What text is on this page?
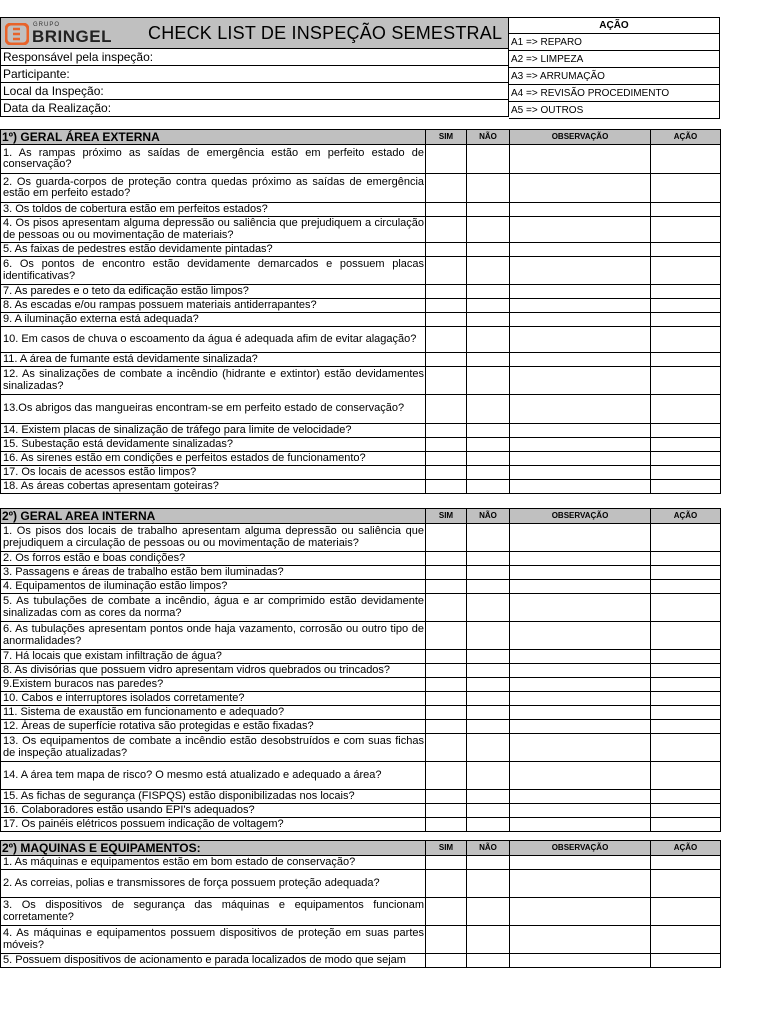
GRUPO
BRINGEL CHECK LIST DE INSPEÇÃO SEMESTRAL
Responsável pela inspeção:
Participante:
Local da Inspeção:
Data da Realização:
AÇÃO
A1 => REPARO
A2 => LIMPEZA
A3 => ARRUMAÇÃO
A4 => REVISÃO PROCEDIMENTO
A5 => OUTROS
1º) GERAL ÁREA EXTERNA	SIM	NÃO	OBSERVAÇÃO	AÇÃO
1. As rampas próximo as saídas de emergência estão em perfeito estado de conservação?				
2. Os guarda-corpos de proteção contra quedas próximo as saídas de emergência estão em perfeito estado?				
3. Os toldos de cobertura estão em perfeitos estados?				
4. Os pisos apresentam alguma depressão ou saliência que prejudiquem a circulação de pessoas ou ou movimentação de materiais?				
5. As faixas de pedestres estão devidamente pintadas?				
6. Os pontos de encontro estão devidamente demarcados e possuem placas identificativas?				
7. As paredes e o teto da edificação estão limpos?				
8. As escadas e/ou rampas possuem materiais antiderrapantes?				
9. A iluminação externa está adequada?				
10. Em casos de chuva o escoamento da água é adequada afim de evitar alagação?				
11. A área de fumante está devidamente sinalizada?				
12. As sinalizações de combate a incêndio (hidrante e extintor) estão devidamentes sinalizadas?				
13.Os abrigos das mangueiras encontram-se em perfeito estado de conservação?				
14. Existem placas de sinalização de tráfego para limite de velocidade?				
15. Subestação está devidamente sinalizadas?				
16. As sirenes estão em condições e perfeitos estados de funcionamento?				
17. Os locais de acessos estão limpos?				
18. As áreas cobertas apresentam goteiras?				
2º) GERAL AREA INTERNA	SIM	NÃO	OBSERVAÇÃO	AÇÃO
1. Os pisos dos locais de trabalho apresentam alguma depressão ou saliência que prejudiquem a circulação de pessoas ou ou movimentação de materiais?				
2. Os forros estão e boas condições?				
3. Passagens e áreas de trabalho estão bem iluminadas?				
4. Equipamentos de iluminação estão limpos?				
5. As tubulações de combate a incêndio, água e ar comprimido estão devidamente sinalizadas com as cores da norma?				
6. As tubulações apresentam pontos onde haja vazamento, corrosão ou outro tipo de anormalidades?				
7. Há locais que existam infiltração de água?				
8. As divisórias que possuem vidro apresentam vidros quebrados ou trincados?				
9.Existem buracos nas paredes?				
10. Cabos e interruptores isolados corretamente?				
11. Sistema de exaustão em funcionamento e adequado?				
12. Áreas de superfície rotativa são protegidas e estão fixadas?				
13. Os equipamentos de combate a incêndio estão desobstruídos e com suas fichas de inspeção atualizadas?				
14. A área tem mapa de risco? O mesmo está atualizado e adequado a área?				
15. As fichas de segurança (FISPQS) estão disponibilizadas nos locais?				
16. Colaboradores estão usando EPI's adequados?				
17. Os painéis elétricos possuem indicação de voltagem?				
2º) MAQUINAS E EQUIPAMENTOS:	SIM	NÃO	OBSERVAÇÃO	AÇÃO
1. As máquinas e equipamentos estão em bom estado de conservação?				
2. As correias, polias e transmissores de força possuem proteção adequada?				
3. Os dispositivos de segurança das máquinas e equipamentos funcionam corretamente?				
4. As máquinas e equipamentos possuem dispositivos de proteção em suas partes móveis?				
5. Possuem dispositivos de acionamento e parada localizados de modo que sejam				
